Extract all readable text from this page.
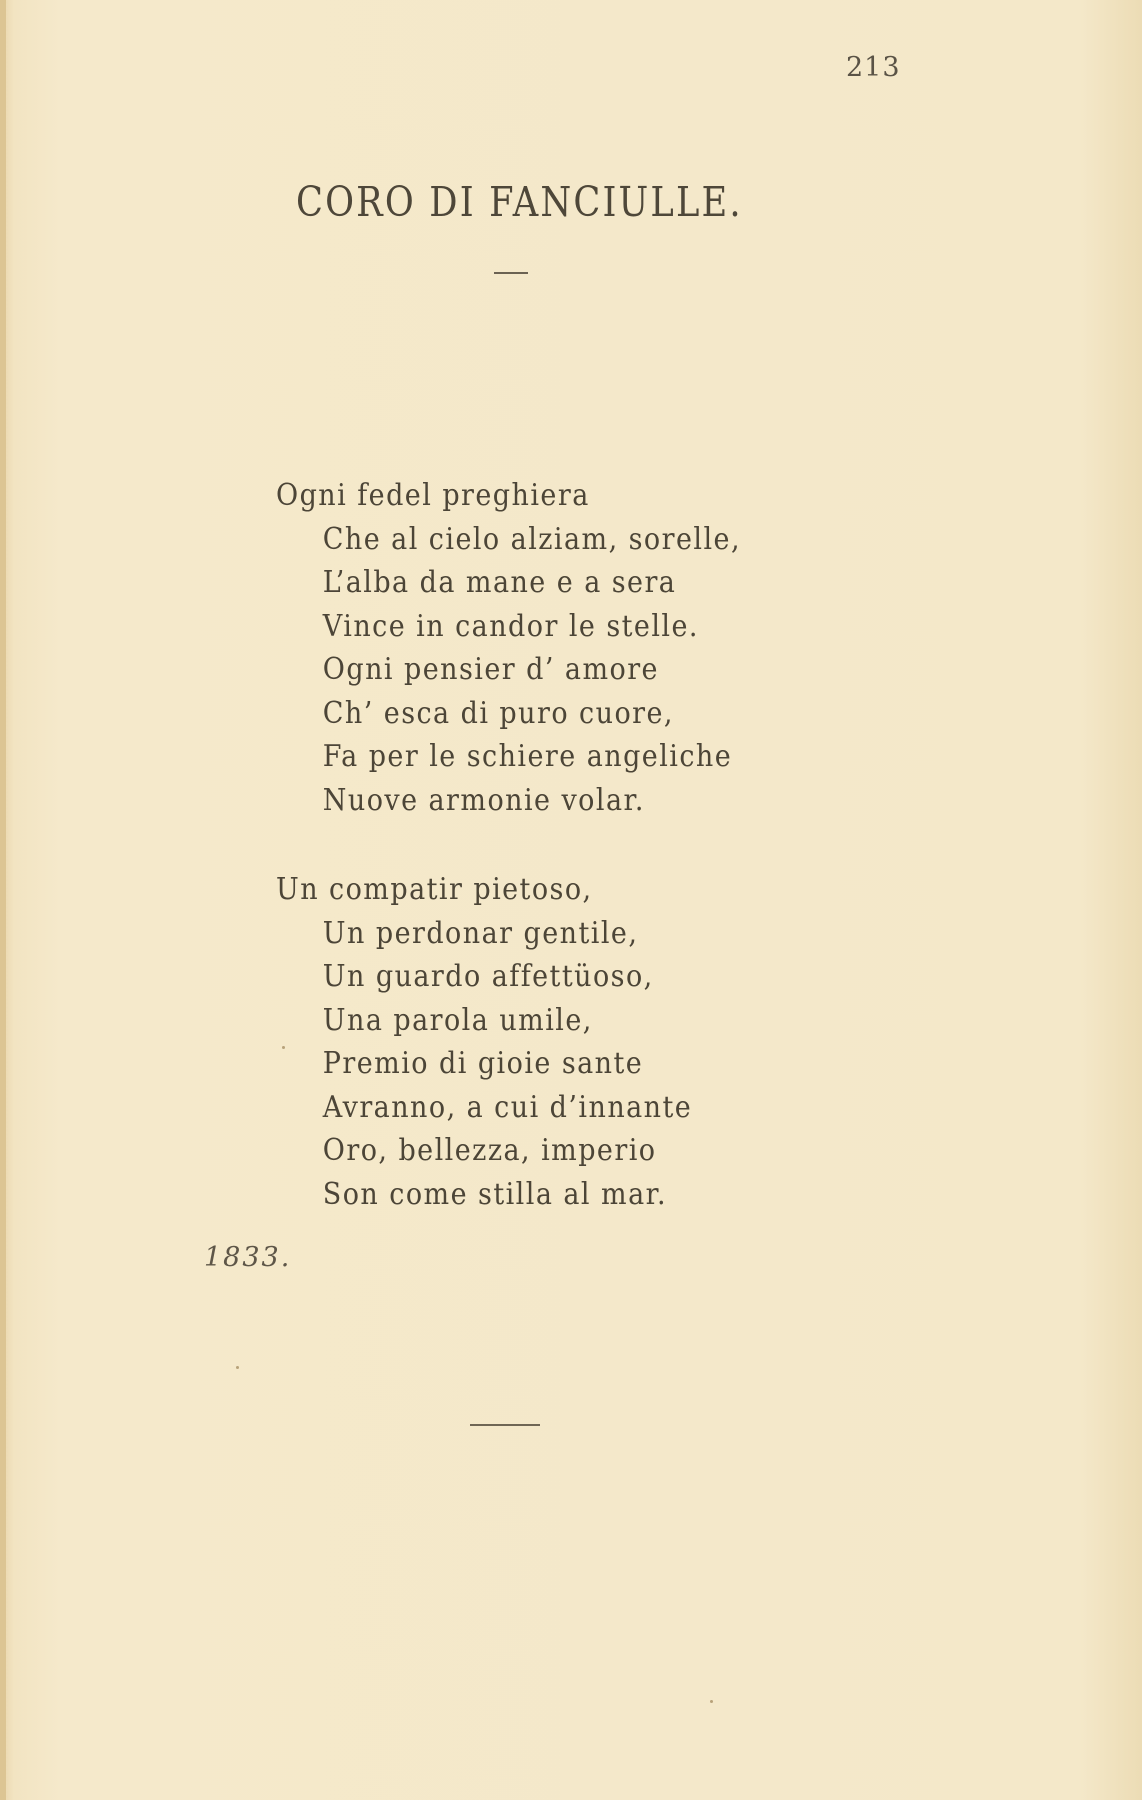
213
CORO DI FANCIULLE.
Ogni fedel preghiera
Che al cielo alziam, sorelle,
L’alba da mane e a sera
Vince in candor le stelle.
Ogni pensier d’ amore
Ch’ esca di puro cuore,
Fa per le schiere angeliche
Nuove armonie volar.
Un compatir pietoso,
Un perdonar gentile,
Un guardo affettüoso,
Una parola umile,
Premio di gioie sante
Avranno, a cui d’innante
Oro, bellezza, imperio
Son come stilla al mar.
1833.
